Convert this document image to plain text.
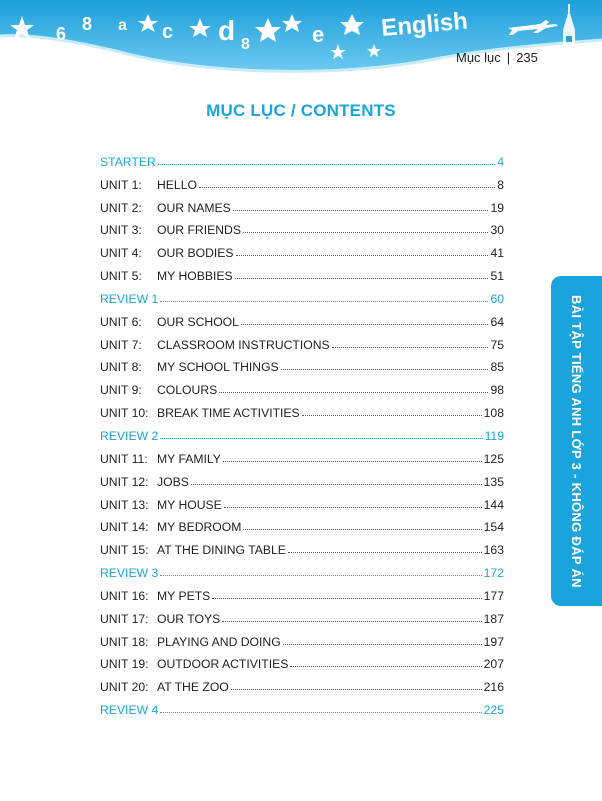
6 8
8
a c d	e English
Mục lục | 235
MỤC LỤC / CONTENTS
STARTER	4
UNIT 1:	HELLO	8
UNIT 2:	OUR NAMES	19
UNIT 3:	OUR FRIENDS	30
UNIT 4:	OUR BODIES	41
UNIT 5:	MY HOBBIES	51
REVIEW 1	60
UNIT 6:	OUR SCHOOL	64
UNIT 7:	CLASSROOM INSTRUCTIONS	75
UNIT 8:	MY SCHOOL THINGS	85
UNIT 9:	COLOURS	98
UNIT 10: BREAK TIME ACTIVITIES	108
REVIEW 2	119
UNIT 11: MY FAMILY	125
UNIT 12: JOBS	135
UNIT 13: MY HOUSE	144
UNIT 14: MY BEDROOM	154
UNIT 15: AT THE DINING TABLE	163
REVIEW 3	172
UNIT 16: MY PETS	177
UNIT 17: OUR TOYS	187
UNIT 18: PLAYING AND DOING	197
UNIT 19: OUTDOOR ACTIVITIES	207
UNIT 20: AT THE ZOO	216
REVIEW 4	225
BÀI TẬP TIẾNG ANH LỚP 3 - KHÔNG ĐÁP ÁN
